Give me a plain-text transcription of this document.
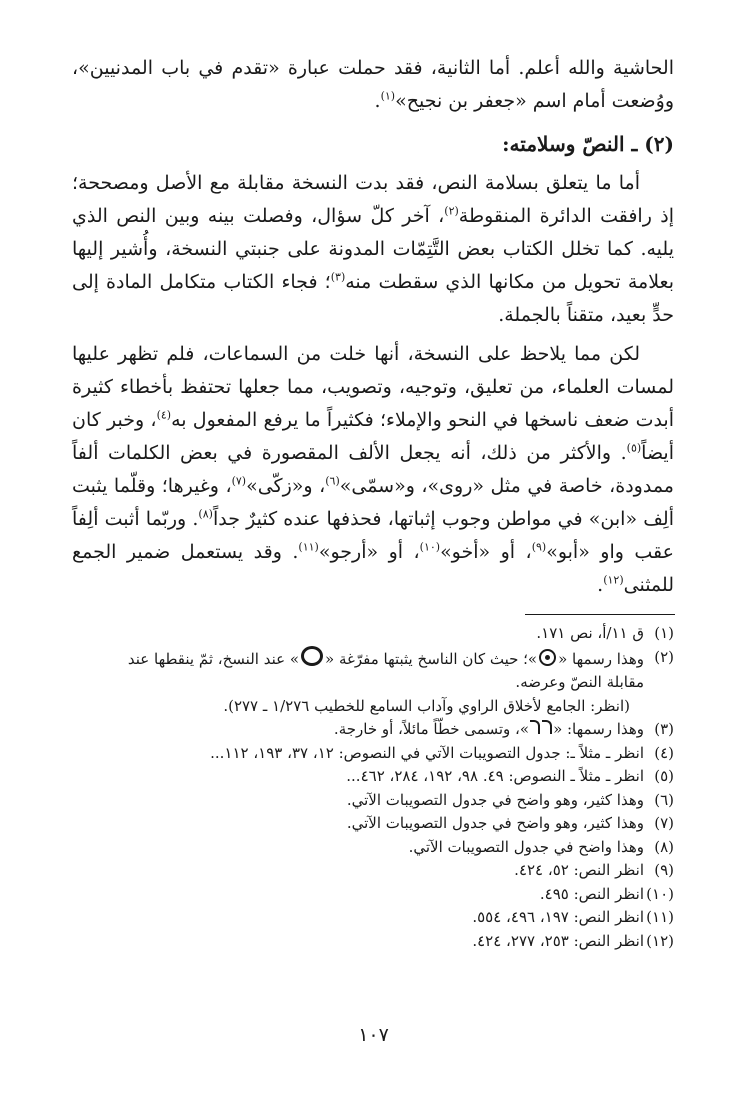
الحاشية والله أعلم. أما الثانية، فقد حملت عبارة «تقدم في باب المدنيين»، ووُضعت أمام اسم «جعفر بن نجيح»$^{(١)}$.

(٢) ـ النصّ وسلامته:

أما ما يتعلق بسلامة النص، فقد بدت النسخة مقابلة مع الأصل ومصححة؛ إذ رافقت الدائرة المنقوطة$^{(٢)}$، آخر كلّ سؤال، وفصلت بينه وبين النص الذي يليه. كما تخلل الكتاب بعض التَّتِمّات المدونة على جنبتي النسخة، وأُشير إليها بعلامة تحويل من مكانها الذي سقطت منه$^{(٣)}$؛ فجاء الكتاب متكامل المادة إلى حدٍّ بعيد، متقناً بالجملة.

لكن مما يلاحظ على النسخة، أنها خلت من السماعات، فلم تظهر عليها لمسات العلماء، من تعليق، وتوجيه، وتصويب، مما جعلها تحتفظ بأخطاء كثيرة أبدت ضعف ناسخها في النحو والإملاء؛ فكثيراً ما يرفع المفعول به$^{(٤)}$، وخبر كان أيضاً$^{(٥)}$. والأكثر من ذلك، أنه يجعل الألف المقصورة في بعض الكلمات ألفاً ممدودة، خاصة في مثل «روى»، و«سمّى»$^{(٦)}$، و«زكّى»$^{(٧)}$، وغيرها؛ وقلّما يثبت ألِف «ابن» في مواطن وجوب إثباتها، فحذفها عنده كثيرٌ جداً$^{(٨)}$. وربّما أثبت ألِفاً عقب واو «أبو»$^{(٩)}$، أو «أخو»$^{(١٠)}$، أو «أرجو»$^{(١١)}$. وقد يستعمل ضمير الجمع للمثنى$^{(١٢)}$.

(١)
ق ١١/أ، نص ١٧١.
(٢)
وهذا رسمها «»؛ حيث كان الناسخ يثبتها مفرّغة «» عند النسخ، ثمّ ينقطها عند
مقابلة النصّ وعرضه.
(انظر: الجامع لأخلاق الراوي وآداب السامع للخطيب ١/٢٧٦ ـ ٢٧٧).
(٣)
وهذا رسمها: «»، وتسمى خطّاً مائلاً، أو خارجة.
(٤)
انظر ـ مثلاً ـ: جدول التصويبات الآتي في النصوص: ١٢، ٣٧، ١٩٣، ١١٢...
(٥)
انظر ـ مثلاً ـ النصوص: ٤٩. ٩٨، ١٩٢، ٢٨٤، ٤٦٢...
(٦)
وهذا كثير، وهو واضح في جدول التصويبات الآتي.
(٧)
وهذا كثير، وهو واضح في جدول التصويبات الآتي.
(٨)
وهذا واضح في جدول التصويبات الآتي.
(٩)
انظر النص: ٥٢، ٤٢٤.
(١٠)
انظر النص: ٤٩٥.
(١١)
انظر النص: ١٩٧، ٤٩٦، ٥٥٤.
(١٢)
انظر النص: ٢٥٣، ٢٧٧، ٤٢٤.
١٠٧
